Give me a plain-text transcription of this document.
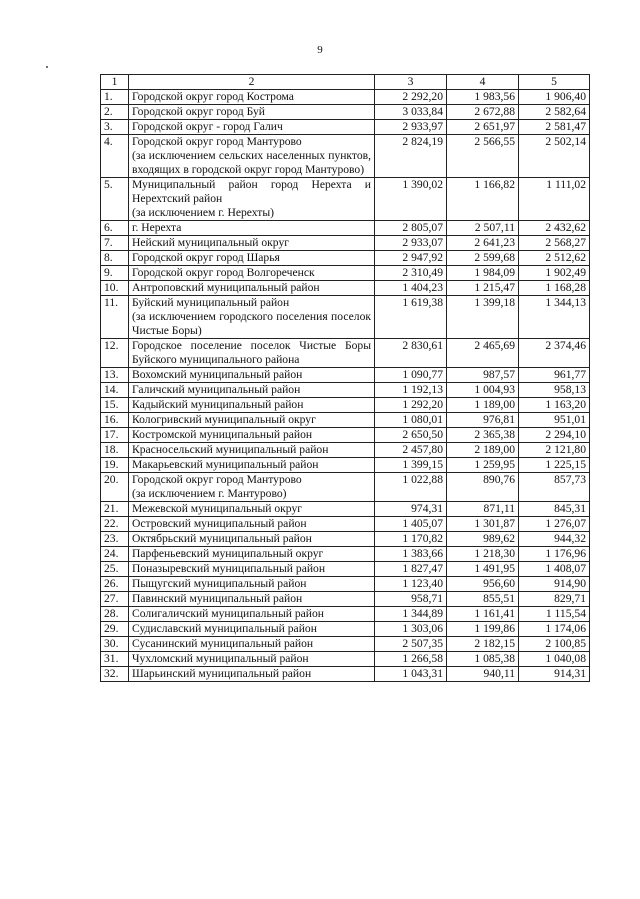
9
1	2	3	4	5
1.	Городской округ город Кострома	2 292,20	1 983,56	1 906,40
2.	Городской округ город Буй	3 033,84	2 672,88	2 582,64
3.	Городской округ - город Галич	2 933,97	2 651,97	2 581,47
4.	Городской округ город Мантурово
(за исключением сельских населенных пунктов, входящих в городской округ город Мантурово)	2 824,19	2 566,55	2 502,14
5.	Муниципальный район город Нерехта и Нерехтский район
(за исключением г. Нерехты)	1 390,02	1 166,82	1 111,02
6.	г. Нерехта	2 805,07	2 507,11	2 432,62
7.	Нейский муниципальный округ	2 933,07	2 641,23	2 568,27
8.	Городской округ город Шарья	2 947,92	2 599,68	2 512,62
9.	Городской округ город Волгореченск	2 310,49	1 984,09	1 902,49
10.	Антроповский муниципальный район	1 404,23	1 215,47	1 168,28
11.	Буйский муниципальный район
(за исключением городского поселения поселок Чистые Боры)	1 619,38	1 399,18	1 344,13
12.	Городское поселение поселок Чистые Боры Буйского муниципального района	2 830,61	2 465,69	2 374,46
13.	Вохомский муниципальный район	1 090,77	987,57	961,77
14.	Галичский муниципальный район	1 192,13	1 004,93	958,13
15.	Кадыйский муниципальный район	1 292,20	1 189,00	1 163,20
16.	Кологривский муниципальный округ	1 080,01	976,81	951,01
17.	Костромской муниципальный район	2 650,50	2 365,38	2 294,10
18.	Красносельский муниципальный район	2 457,80	2 189,00	2 121,80
19.	Макарьевский муниципальный район	1 399,15	1 259,95	1 225,15
20.	Городской округ город Мантурово
(за исключением г. Мантурово)	1 022,88	890,76	857,73
21.	Межевской муниципальный округ	974,31	871,11	845,31
22.	Островский муниципальный район	1 405,07	1 301,87	1 276,07
23.	Октябрьский муниципальный район	1 170,82	989,62	944,32
24.	Парфеньевский муниципальный округ	1 383,66	1 218,30	1 176,96
25.	Поназыревский муниципальный район	1 827,47	1 491,95	1 408,07
26.	Пыщугский муниципальный район	1 123,40	956,60	914,90
27.	Павинский муниципальный район	958,71	855,51	829,71
28.	Солигаличский муниципальный район	1 344,89	1 161,41	1 115,54
29.	Судиславский муниципальный район	1 303,06	1 199,86	1 174,06
30.	Сусанинский муниципальный район	2 507,35	2 182,15	2 100,85
31.	Чухломский муниципальный район	1 266,58	1 085,38	1 040,08
32.	Шарьинский муниципальный район	1 043,31	940,11	914,31
